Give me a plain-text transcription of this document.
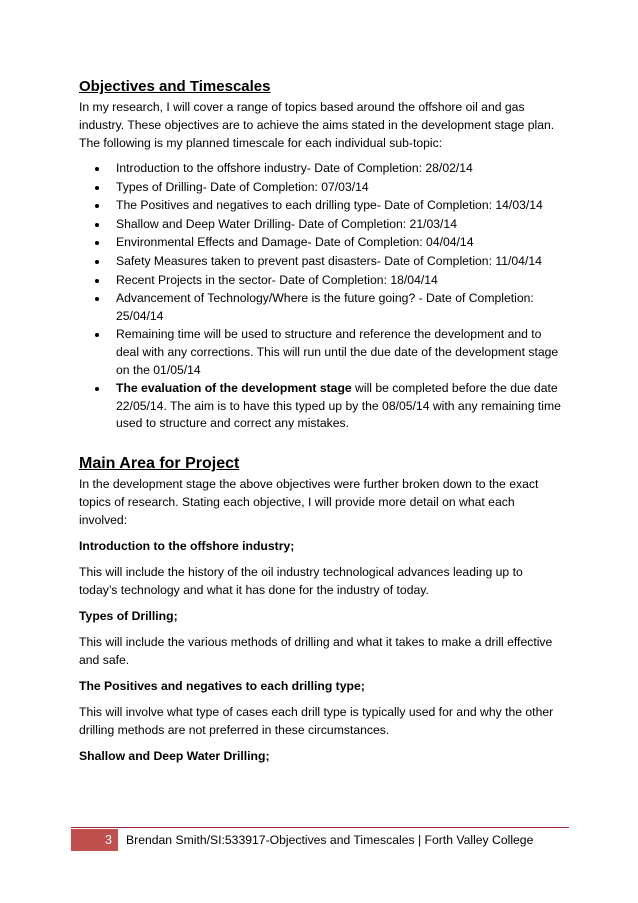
Objectives and Timescales

In my research, I will cover a range of topics based around the offshore oil and gas industry. These objectives are to achieve the aims stated in the development stage plan. The following is my planned timescale for each individual sub-topic:

Introduction to the offshore industry- Date of Completion: 28/02/14
Types of Drilling- Date of Completion: 07/03/14
The Positives and negatives to each drilling type- Date of Completion: 14/03/14
Shallow and Deep Water Drilling- Date of Completion: 21/03/14
Environmental Effects and Damage- Date of Completion: 04/04/14
Safety Measures taken to prevent past disasters- Date of Completion: 11/04/14
Recent Projects in the sector- Date of Completion: 18/04/14
Advancement of Technology/Where is the future going? - Date of Completion: 25/04/14
Remaining time will be used to structure and reference the development and to deal with any corrections. This will run until the due date of the development stage on the 01/05/14
The evaluation of the development stage will be completed before the due date 22/05/14. The aim is to have this typed up by the 08/05/14 with any remaining time used to structure and correct any mistakes.
Main Area for Project

In the development stage the above objectives were further broken down to the exact topics of research. Stating each objective, I will provide more detail on what each involved:

Introduction to the offshore industry;

This will include the history of the oil industry technological advances leading up to today’s technology and what it has done for the industry of today.

Types of Drilling;

This will include the various methods of drilling and what it takes to make a drill effective and safe.

The Positives and negatives to each drilling type;

This will involve what type of cases each drill type is typically used for and why the other drilling methods are not preferred in these circumstances.

Shallow and Deep Water Drilling;
3	Brendan Smith/SI:533917-Objectives and Timescales | Forth Valley College
